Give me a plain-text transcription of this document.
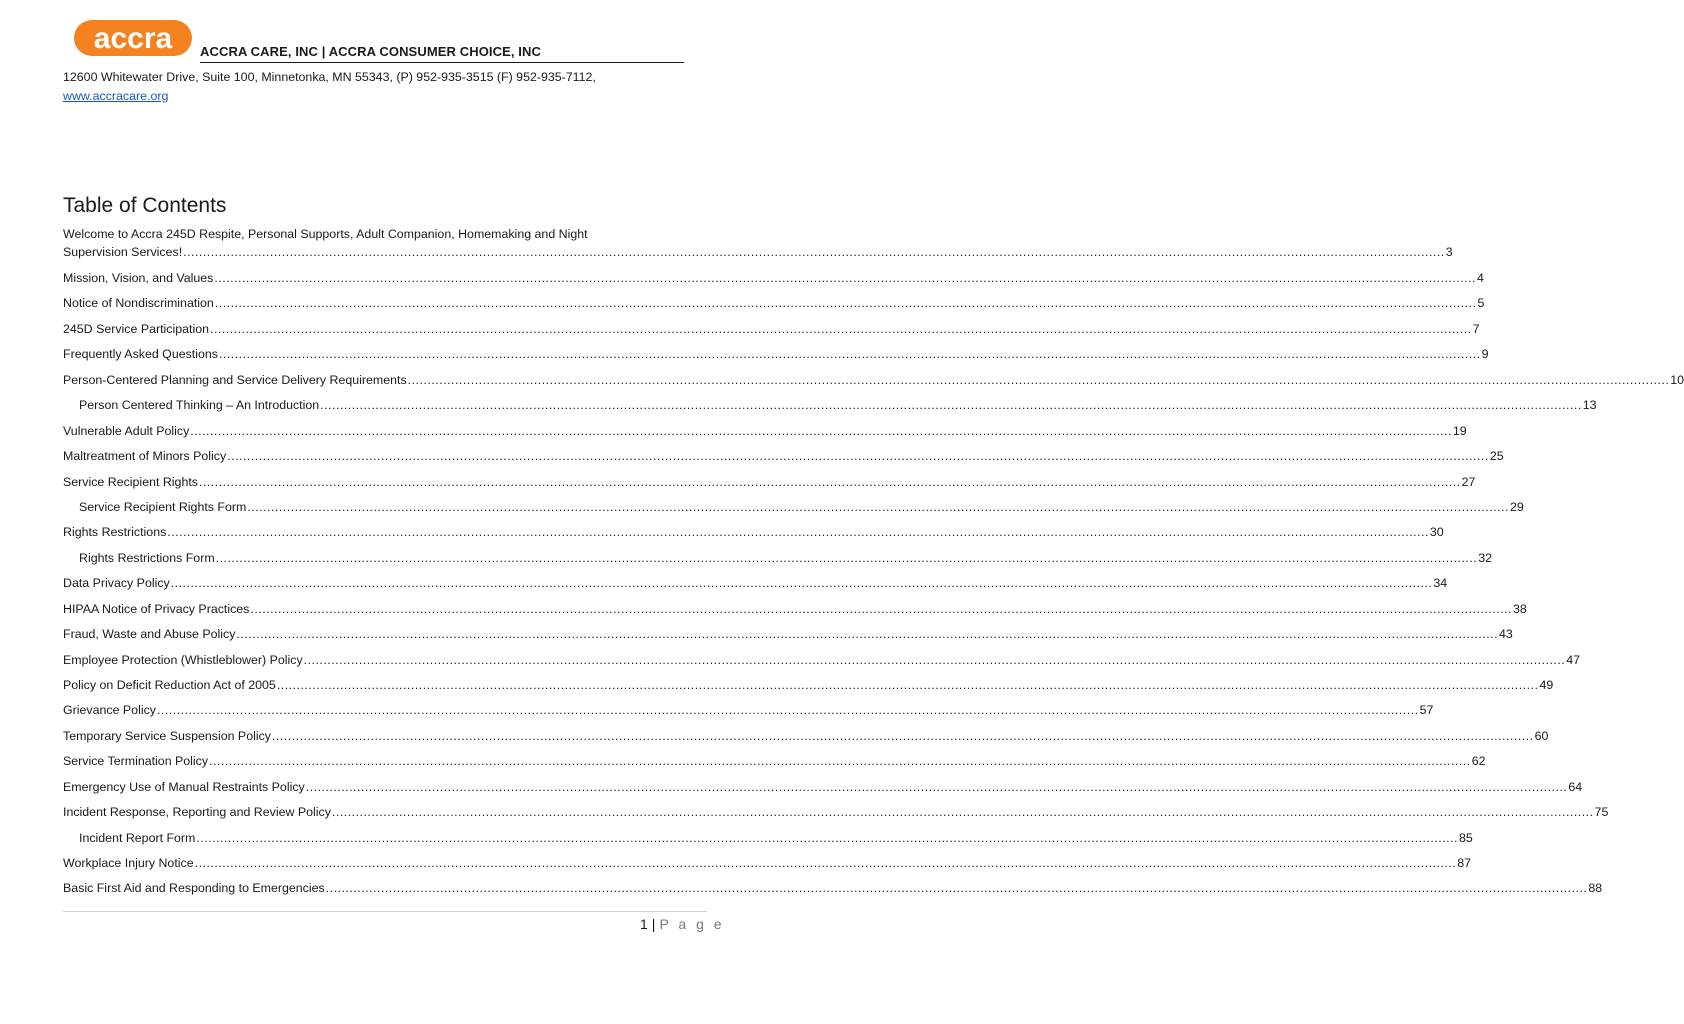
accra ACCRA CARE, INC | ACCRA CONSUMER CHOICE, INC
12600 Whitewater Drive, Suite 100, Minnetonka, MN 55343, (P) 952-935-3515 (F) 952-935-7112,
www.accracare.org
Table of Contents
Welcome to Accra 245D Respite, Personal Supports, Adult Companion, Homemaking and Night
Supervision Services! .....	3
Mission, Vision, and Values .....	4
Notice of Nondiscrimination .....	5
245D Service Participation .....	7
Frequently Asked Questions .....	9
Person-Centered Planning and Service Delivery Requirements .....	10
Person Centered Thinking – An Introduction .....	13
Vulnerable Adult Policy .....	19
Maltreatment of Minors Policy .....	25
Service Recipient Rights .....	27
Service Recipient Rights Form .....	29
Rights Restrictions .....	30
Rights Restrictions Form .....	32
Data Privacy Policy .....	34
HIPAA Notice of Privacy Practices .....	38
Fraud, Waste and Abuse Policy .....	43
Employee Protection (Whistleblower) Policy .....	47
Policy on Deficit Reduction Act of 2005 .....	49
Grievance Policy .....	57
Temporary Service Suspension Policy .....	60
Service Termination Policy .....	62
Emergency Use of Manual Restraints Policy .....	64
Incident Response, Reporting and Review Policy .....	75
Incident Report Form .....	85
Workplace Injury Notice .....	87
Basic First Aid and Responding to Emergencies .....	88
1 | P a g e
